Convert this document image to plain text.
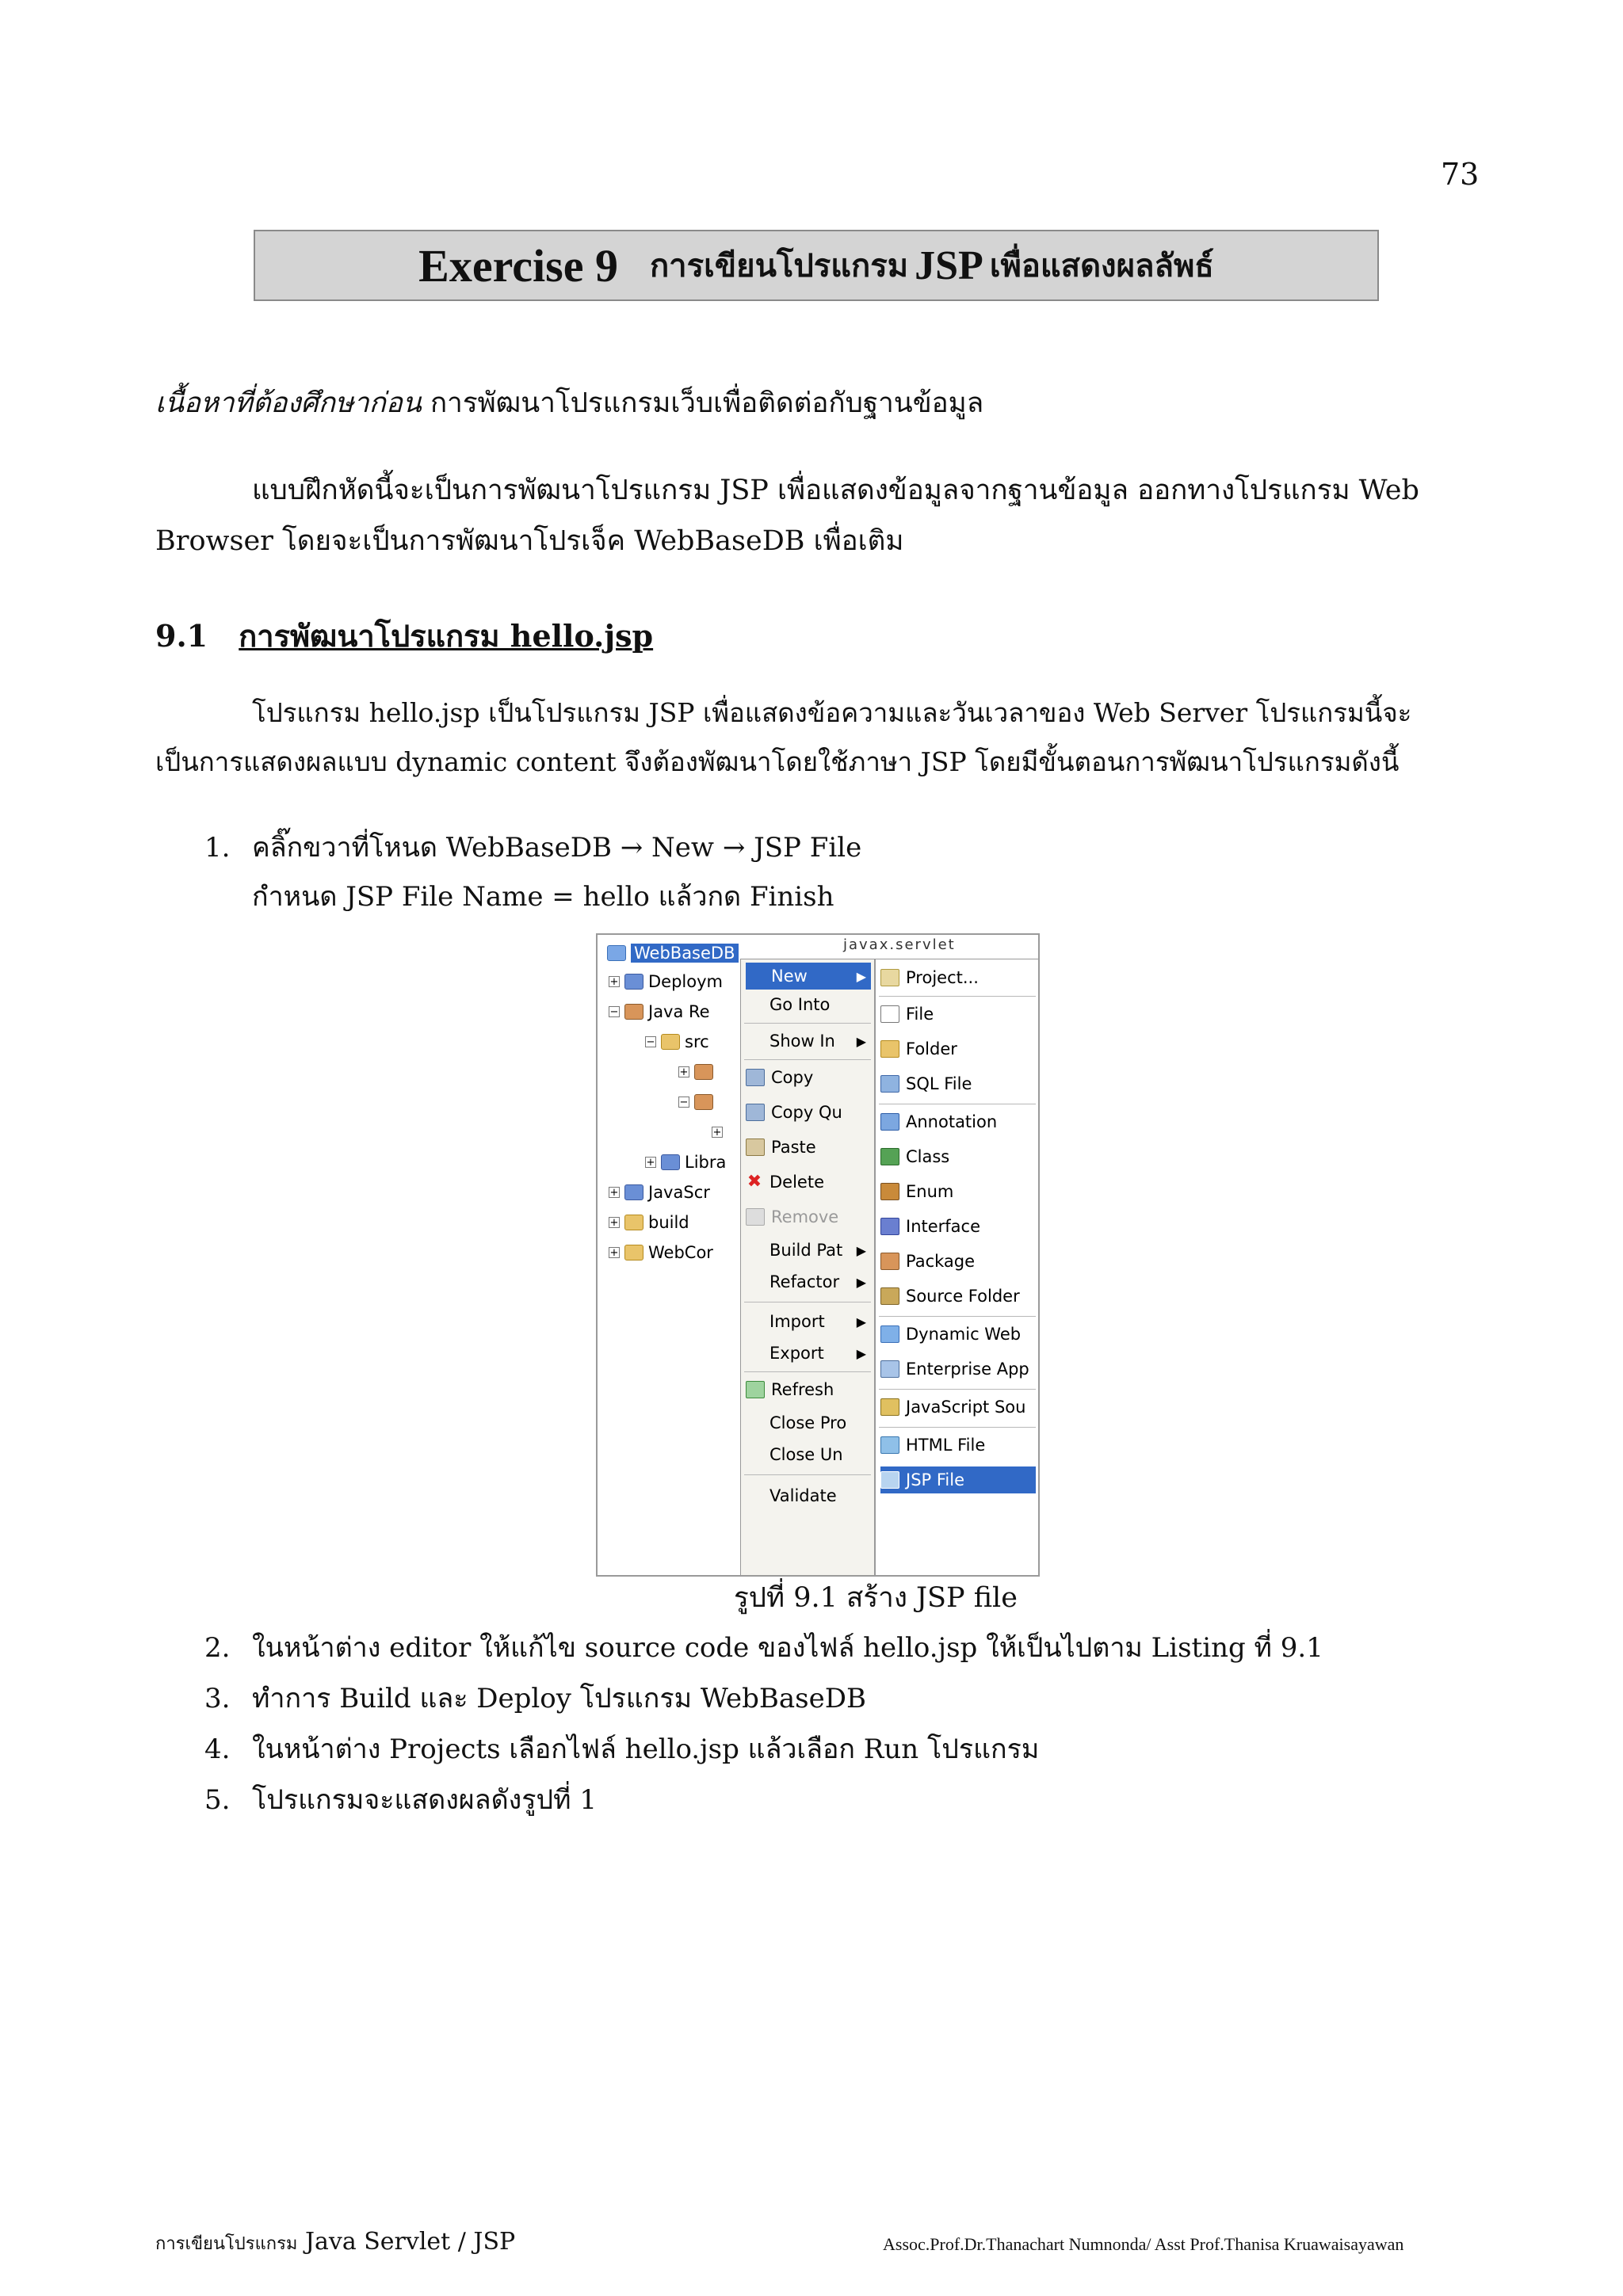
73
Exercise 9 การเขียนโปรแกรม JSP เพื่อแสดงผลลัพธ์
เนื้อหาที่ต้องศึกษาก่อน การพัฒนาโปรแกรมเว็บเพื่อติดต่อกับฐานข้อมูล
แบบฝึกหัดนี้จะเป็นการพัฒนาโปรแกรม JSP เพื่อแสดงข้อมูลจากฐานข้อมูล ออกทางโปรแกรม Web
Browser โดยจะเป็นการพัฒนาโปรเจ็ค WebBaseDB เพื่อเติม
9.1 การพัฒนาโปรแกรม hello.jsp
โปรแกรม hello.jsp เป็นโปรแกรม JSP เพื่อแสดงข้อความและวันเวลาของ Web Server โปรแกรมนี้จะ
เป็นการแสดงผลแบบ dynamic content จึงต้องพัฒนาโดยใช้ภาษา JSP โดยมีขั้นตอนการพัฒนาโปรแกรมดังนี้
1. คลิ๊กขวาที่โหนด WebBaseDB → New → JSP File
กำหนด JSP File Name = hello แล้วกด Finish
javax.servlet
WebBaseDB
+ Deploym
− Java Re
− src
+
−
+
+ Libra
+ JavaScr
+ build
+ WebCor
New	▶
Go Into
Show In ▶
Copy
Copy Qu
Paste
✖ Delete
Remove
Build Pat ▶
Refactor ▶
Import ▶
Export	▶
Refresh
Close Pro
Close Un
Validate
Project...
File
Folder
SQL File
Annotation
Class
Enum
Interface
Package
Source Folder
Dynamic Web
Enterprise App
JavaScript Sou
HTML File
JSP File
รูปที่ 9.1 สร้าง JSP file
2. ในหน้าต่าง editor ให้แก้ไข source code ของไฟล์ hello.jsp ให้เป็นไปตาม Listing ที่ 9.1
3. ทำการ Build และ Deploy โปรแกรม WebBaseDB
4. ในหน้าต่าง Projects เลือกไฟล์ hello.jsp แล้วเลือก Run โปรแกรม
5. โปรแกรมจะแสดงผลดังรูปที่ 1
การเขียนโปรแกรม Java Servlet / JSP	Assoc.Prof.Dr.Thanachart Numnonda/ Asst Prof.Thanisa Kruawaisayawan
